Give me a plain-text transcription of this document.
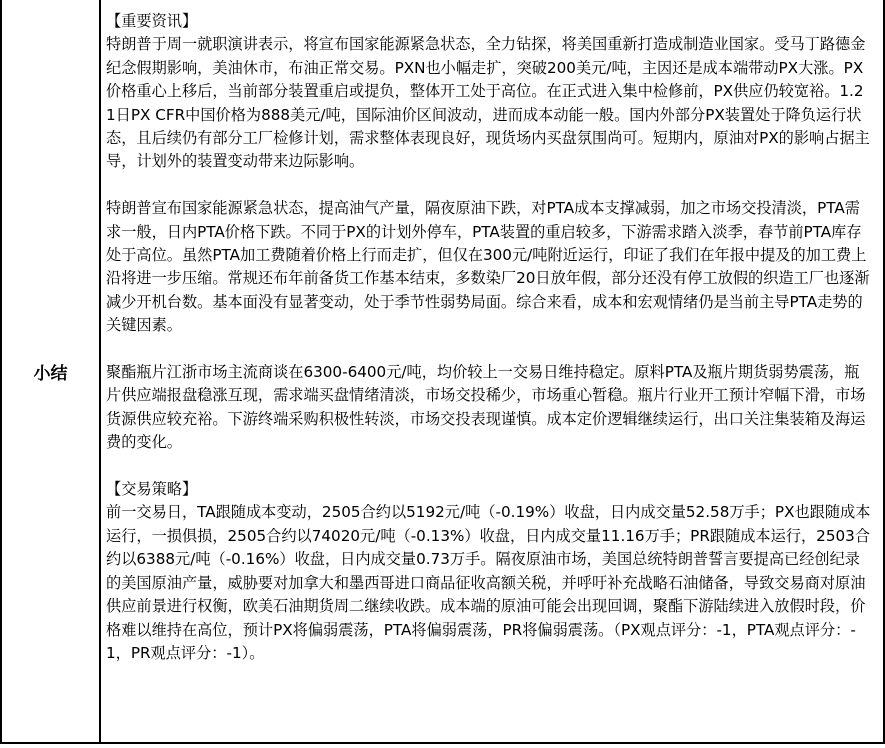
小结

【重要资讯】

特朗普于周一就职演讲表示，将宣布国家能源紧急状态，全力钻探，将美国重新打造成制造业国家。受马丁路德金纪念假期影响，美油休市，布油正常交易。PXN也小幅走扩，突破200美元/吨，主因还是成本端带动PX大涨。PX价格重心上移后，当前部分装置重启或提负，整体开工处于高位。在正式进入集中检修前，PX供应仍较宽裕。1.21日PX CFR中国价格为888美元/吨，国际油价区间波动，进而成本动能一般。国内外部分PX装置处于降负运行状态，且后续仍有部分工厂检修计划，需求整体表现良好，现货场内买盘氛围尚可。短期内，原油对PX的影响占据主导，计划外的装置变动带来边际影响。

特朗普宣布国家能源紧急状态，提高油气产量，隔夜原油下跌，对PTA成本支撑减弱，加之市场交投清淡，PTA需求一般，日内PTA价格下跌。不同于PX的计划外停车，PTA装置的重启较多，下游需求踏入淡季，春节前PTA库存处于高位。虽然PTA加工费随着价格上行而走扩，但仅在300元/吨附近运行，印证了我们在年报中提及的加工费上沿将进一步压缩。常规还布年前备货工作基本结束，多数染厂20日放年假，部分还没有停工放假的织造工厂也逐渐减少开机台数。基本面没有显著变动，处于季节性弱势局面。综合来看，成本和宏观情绪仍是当前主导PTA走势的关键因素。

聚酯瓶片江浙市场主流商谈在6300-6400元/吨，均价较上一交易日维持稳定。原料PTA及瓶片期货弱势震荡，瓶片供应端报盘稳涨互现，需求端买盘情绪清淡，市场交投稀少，市场重心暂稳。瓶片行业开工预计窄幅下滑，市场货源供应较充裕。下游终端采购积极性转淡，市场交投表现谨慎。成本定价逻辑继续运行，出口关注集装箱及海运费的变化。

【交易策略】

前一交易日，TA跟随成本变动，2505合约以5192元/吨（-0.19%）收盘，日内成交量52.58万手；PX也跟随成本运行，一损俱损，2505合约以74020元/吨（-0.13%）收盘，日内成交量11.16万手；PR跟随成本运行，2503合约以6388元/吨（-0.16%）收盘，日内成交量0.73万手。隔夜原油市场，美国总统特朗普誓言要提高已经创纪录的美国原油产量，威胁要对加拿大和墨西哥进口商品征收高额关税，并呼吁补充战略石油储备，导致交易商对原油供应前景进行权衡，欧美石油期货周二继续收跌。成本端的原油可能会出现回调，聚酯下游陆续进入放假时段，价格难以维持在高位，预计PX将偏弱震荡，PTA将偏弱震荡，PR将偏弱震荡。（PX观点评分：-1，PTA观点评分：-1，PR观点评分：-1）。
